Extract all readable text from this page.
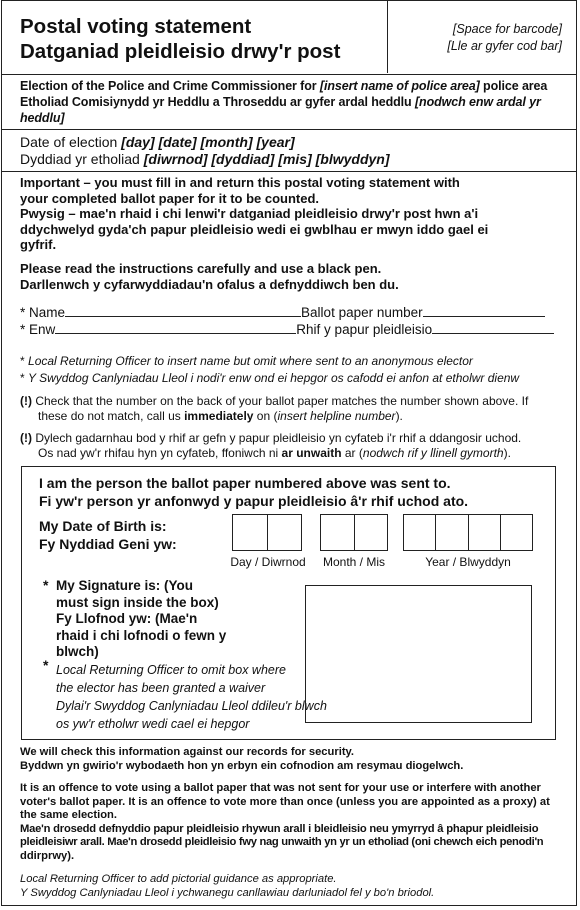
Postal voting statement
Datganiad pleidleisio drwy'r post
[Space for barcode]
[Lle ar gyfer cod bar]
Election of the Police and Crime Commissioner for [insert name of police area] police area
Etholiad Comisiynydd yr Heddlu a Throseddu ar gyfer ardal heddlu [nodwch enw ardal yr
heddlu]
Date of election [day] [date] [month] [year]
Dyddiad yr etholiad [diwrnod] [dyddiad] [mis] [blwyddyn]
Important – you must fill in and return this postal voting statement with
your completed ballot paper for it to be counted.
Pwysig – mae'n rhaid i chi lenwi'r datganiad pleidleisio drwy'r post hwn a'i
ddychwelyd gyda'ch papur pleidleisio wedi ei gwblhau er mwyn iddo gael ei
gyfrif.
Please read the instructions carefully and use a black pen.
Darllenwch y cyfarwyddiadau'n ofalus a defnyddiwch ben du.
* Name	Ballot paper number
* Enw	Rhif y papur pleidleisio
* Local Returning Officer to insert name but omit where sent to an anonymous elector
* Y Swyddog Canlyniadau Lleol i nodi'r enw ond ei hepgor os cafodd ei anfon at etholwr dienw
(!) Check that the number on the back of your ballot paper matches the number shown above. If
these do not match, call us immediately on (insert helpline number).
(!) Dylech gadarnhau bod y rhif ar gefn y papur pleidleisio yn cyfateb i'r rhif a ddangosir uchod.
Os nad yw'r rhifau hyn yn cyfateb, ffoniwch ni ar unwaith ar (nodwch rif y llinell gymorth).
I am the person the ballot paper numbered above was sent to.
Fi yw'r person yr anfonwyd y papur pleidleisio â'r rhif uchod ato.
My Date of Birth is:
Fy Nyddiad Geni yw:
Day / Diwrnod	Month / Mis	Year / Blwyddyn
* My Signature is: (You
must sign inside the box)
Fy Llofnod yw: (Mae'n
rhaid i chi lofnodi o fewn y
blwch)
* Local Returning Officer to omit box where
the elector has been granted a waiver
Dylai'r Swyddog Canlyniadau Lleol ddileu'r blwch
os yw'r etholwr wedi cael ei hepgor
We will check this information against our records for security.
Byddwn yn gwirio'r wybodaeth hon yn erbyn ein cofnodion am resymau diogelwch.
It is an offence to vote using a ballot paper that was not sent for your use or interfere with another
voter's ballot paper. It is an offence to vote more than once (unless you are appointed as a proxy) at
the same election.
Mae'n drosedd defnyddio papur pleidleisio rhywun arall i bleidleisio neu ymyrryd â phapur pleidleisio
pleidleisiwr arall. Mae'n drosedd pleidleisio fwy nag unwaith yn yr un etholiad (oni chewch eich penodi'n
ddirprwy).
Local Returning Officer to add pictorial guidance as appropriate.
Y Swyddog Canlyniadau Lleol i ychwanegu canllawiau darluniadol fel y bo'n briodol.
